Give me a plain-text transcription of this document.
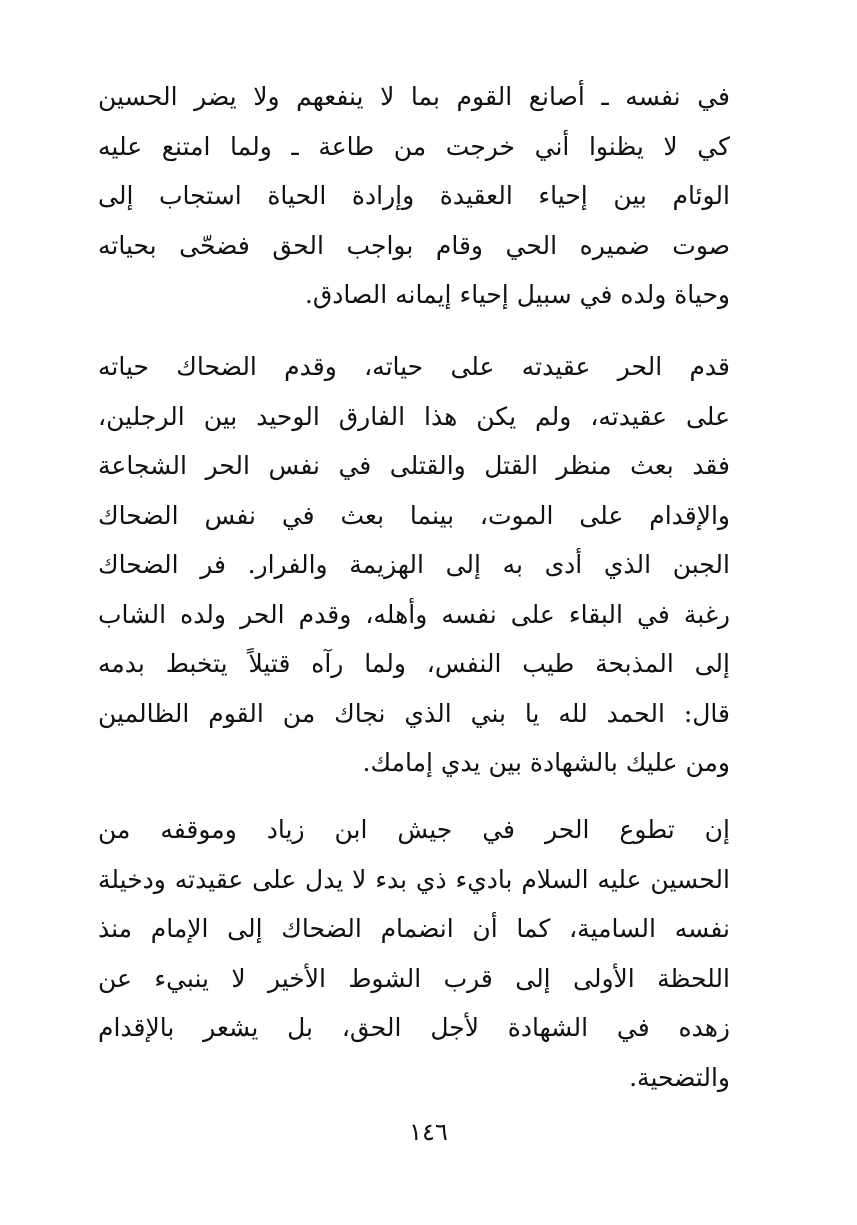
في نفسه ـ أصانع القوم بما لا ينفعهم ولا يضر الحسين
كي لا يظنوا أني خرجت من طاعة ـ ولما امتنع عليه
الوئام بين إحياء العقيدة وإرادة الحياة استجاب إلى
صوت ضميره الحي وقام بواجب الحق فضحّى بحياته
وحياة ولده في سبيل إحياء إيمانه الصادق.
قدم الحر عقيدته على حياته، وقدم الضحاك حياته
على عقيدته، ولم يكن هذا الفارق الوحيد بين الرجلين،
فقد بعث منظر القتل والقتلى في نفس الحر الشجاعة
والإقدام على الموت، بينما بعث في نفس الضحاك
الجبن الذي أدى به إلى الهزيمة والفرار. فر الضحاك
رغبة في البقاء على نفسه وأهله، وقدم الحر ولده الشاب
إلى المذبحة طيب النفس، ولما رآه قتيلاً يتخبط بدمه
قال: الحمد لله يا بني الذي نجاك من القوم الظالمين
ومن عليك بالشهادة بين يدي إمامك.
إن تطوع الحر في جيش ابن زياد وموقفه من
الحسين عليه السلام باديء ذي بدء لا يدل على عقيدته ودخيلة
نفسه السامية، كما أن انضمام الضحاك إلى الإمام منذ
اللحظة الأولى إلى قرب الشوط الأخير لا ينبيء عن
زهده في الشهادة لأجل الحق، بل يشعر بالإقدام
والتضحية.
١٤٦
